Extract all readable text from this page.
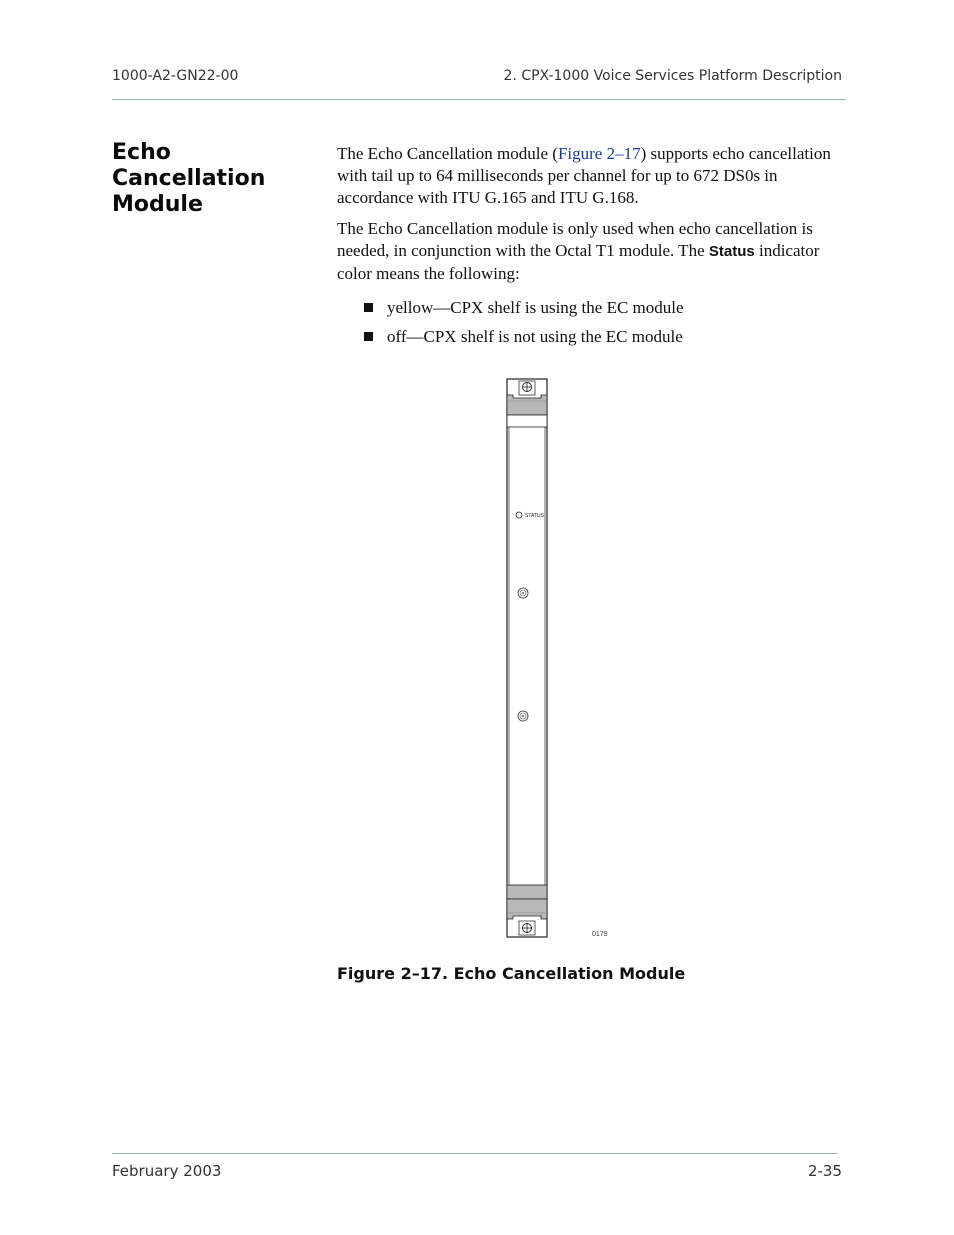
1000-A2-GN22-00	2. CPX-1000 Voice Services Platform Description
Echo
Cancellation
Module

The Echo Cancellation module (Figure 2–17) supports echo cancellation with tail up to 64 milliseconds per channel for up to 672 DS0s in accordance with ITU G.165 and ITU G.168.

The Echo Cancellation module is only used when echo cancellation is needed, in conjunction with the Octal T1 module. The Status indicator color means the following:

yellow—CPX shelf is using the EC module
off—CPX shelf is not using the EC module
STATUS
0179

Figure 2–17. Echo Cancellation Module

February 2003	2-35
